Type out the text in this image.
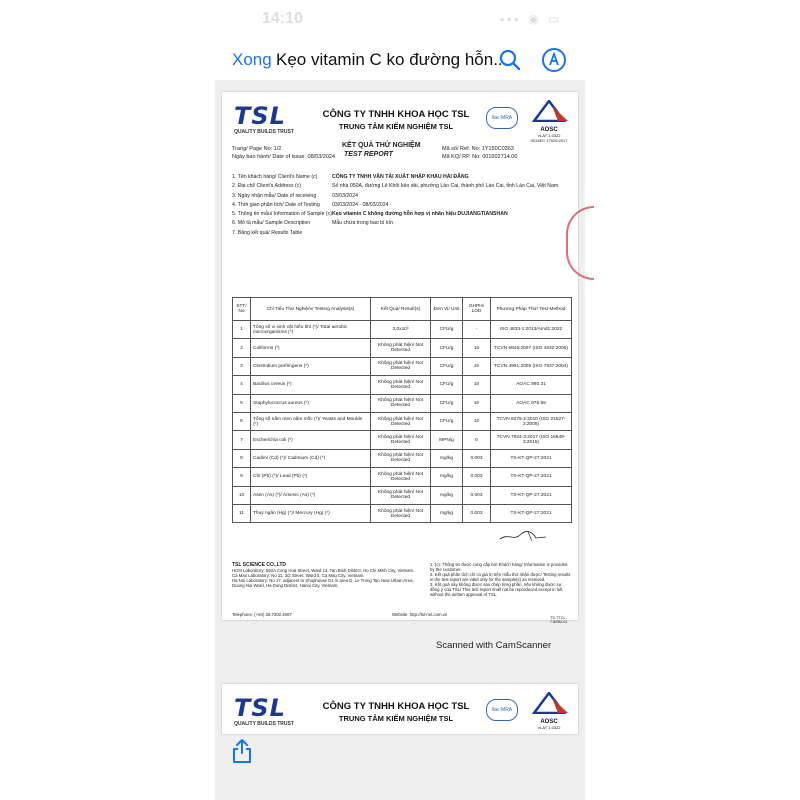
14:10	▪▪▪ ◉ ▭
Xong Kẹo vitamin C ko đường hỗn...
TSL
QUALITY BUILDS TRUST
CÔNG TY TNHH KHOA HỌC TSL
TRUNG TÂM KIỂM NGHIỆM TSL
ilac-MRA
AOSC
VLAT 1.0322
ISO/IEC 17025:2017
Trang/ Page No: 1/2
Ngày ban hành/ Date of issue: 08/03/2024
KẾT QUẢ THỬ NGHIỆM
TEST REPORT
Mã số/ Ref. No: 1Y150C0363
Mã KQ/ RP. No: 001002714.00
1. Tên khách hàng/ Client's Name (c)	CÔNG TY TNHH VẬN TẢI XUẤT NHẬP KHẨU HẢI ĐĂNG
2. Địa chỉ/ Client's Address (c)	Số nhà 050A, đường Lê Khôi kéo dài, phường Lào Cai, thành phố Lào Cai, tỉnh Lào Cai, Việt Nam
3. Ngày nhận mẫu/ Date of receiving	03/03/2024
4. Thời gian phân tích/ Date of Testing	03/03/2024 - 08/03/2024
5. Thông tin mẫu/ Information of Sample (c) Kẹo vitamin C không đường hỗn hợp vị nhãn hiệu DUJIANGTIANSHAN
6. Mô tả mẫu/ Sample Description	Mẫu chứa trong bao bì kín
7. Bảng kết quả/ Results Table
STT/ No	Chỉ Tiêu Thử Nghiệm/ Testing Analysis(s)	Kết Quả/ Result(s)	Đơn Vị/ Unit	GHPH/ LOD	Phương Pháp Thử/ Test Method
1	Tổng số vi sinh vật hiếu khí (*)/ Total aerobic microorganisms (*)	3,0x10³	CFU/g	-	ISO 4833-1:2013/Amd1:2022
2	Coliforms (*)	Không phát hiện/ Not Detected	CFU/g	10	TCVN 6848:2007 (ISO 4832:2006)
3	Clostridium perfringens (*)	Không phát hiện/ Not Detected	CFU/g	10	TCVN 4991:2005 (ISO 7937:2004)
4	Bacillus cereus (*)	Không phát hiện/ Not Detected	CFU/g	10	AOAC 980.31
5	Staphylococcus aureus (*)	Không phát hiện/ Not Detected	CFU/g	10	AOAC 975.55
6	Tổng số nấm men nấm mốc (*)/ Yeasts and Moulds (*)	Không phát hiện/ Not Detected	CFU/g	10	TCVN 8275-2:2010 (ISO 21527-2:2008)
7	Escherichia coli (*)	Không phát hiện/ Not Detected	MPN/g	0	TCVN 7924-3:2017 (ISO 16649-3:2015)
8	Cadimi (Cd) (*)/ Cadmium (Cd) (*)	Không phát hiện/ Not Detected	mg/kg	0.003	TS-KT-QP-27:2021
9	Chì (Pb) (*)/ Lead (Pb) (*)	Không phát hiện/ Not Detected	mg/kg	0.003	TS-KT-QP-27:2021
10	Asen (As) (*)/ Arsenic (As) (*)	Không phát hiện/ Not Detected	mg/kg	0.003	TS-KT-QP-27:2021
11	Thuỷ ngân (Hg) (*)/ Mercury (Hg) (*)	Không phát hiện/ Not Detected	mg/kg	0.003	TS-KT-QP-27:2021
TSL SCIENCE CO.,LTD
HCM Laboratory: 592A Cong Hoa Street, Ward 13, Tan Binh District, Ho Chi Minh City, Vietnam.
Ca Mau Laboratory: No 11, 3/2 Street, Ward 5, Ca Mau City, Vietnam.
Ha Noi Laboratory: No 17, adjacent to Shophouse D1 in area D, Le Trong Tan New Urban Area, Duong Noi Ward, Ha Dong District, Hanoi City, Vietnam.
1. (c): Thông tin được cung cấp bởi Khách hàng/ Information is provided by the customer.
2. Kết quả phân tích chỉ có giá trị trên mẫu thử nhận được/ Testing results in the test report are valid only for the sample(s) as received.
3. Kết quả này không được sao chép từng phần, nếu không được sự đồng ý của TSL/ This test report shall not be reproduced except in full, without the written approval of TSL.
Telephone: (+84) 28.7302.4687	Website: http://tsl-net.com.vn
TS-TTCL-7.8/BM-01
Scanned with CamScanner
TSL
QUALITY BUILDS TRUST
CÔNG TY TNHH KHOA HỌC TSL
TRUNG TÂM KIỂM NGHIỆM TSL
ilac-MRA
AOSC
VLAT 1.0322
